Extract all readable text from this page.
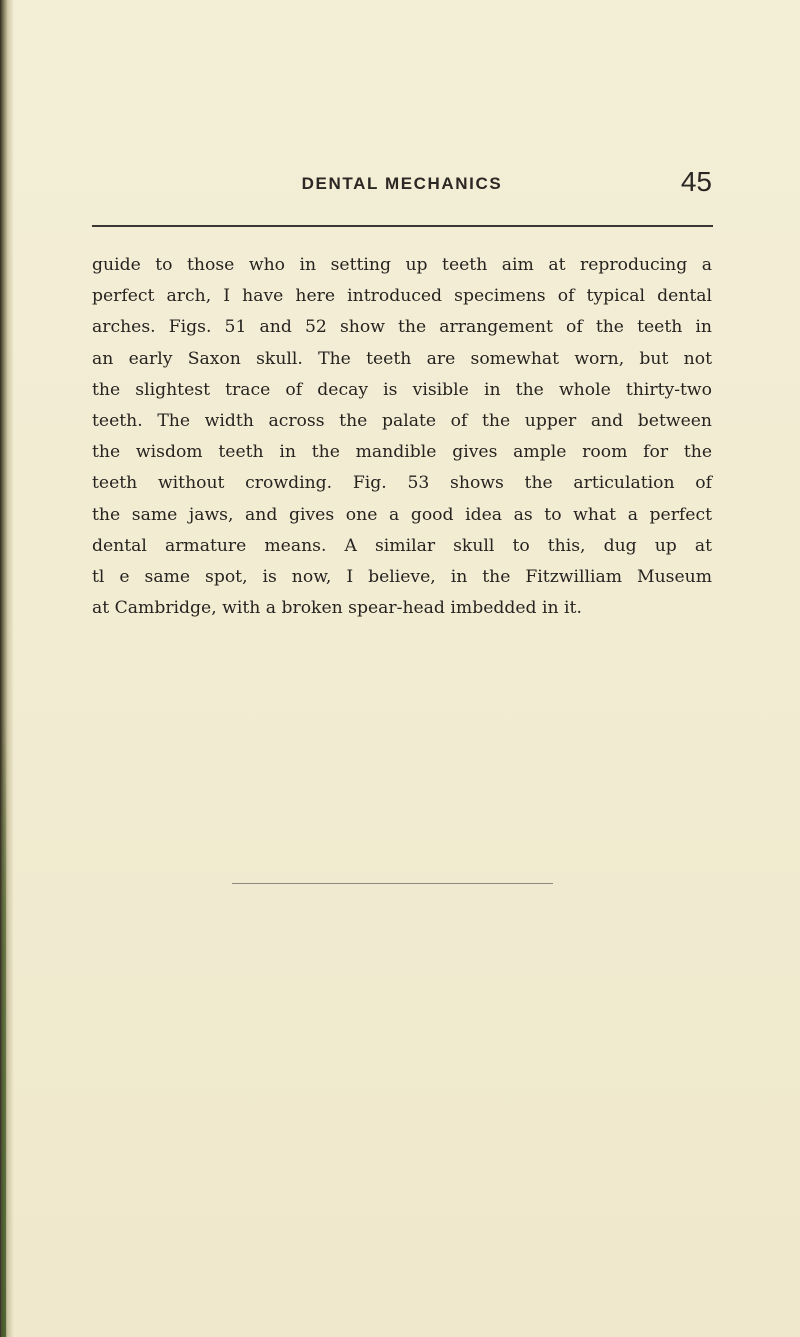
DENTAL MECHANICS	45

guide to those who in setting up teeth aim at reproducing a
perfect arch, I have here introduced specimens of typical dental
arches. Figs. 51 and 52 show the arrangement of the teeth in
an early Saxon skull. The teeth are somewhat worn, but not
the slightest trace of decay is visible in the whole thirty-two
teeth. The width across the palate of the upper and between
the wisdom teeth in the mandible gives ample room for the
teeth without crowding. Fig. 53 shows the articulation of
the same jaws, and gives one a good idea as to what a perfect
dental armature means. A similar skull to this, dug up at
tl e same spot, is now, I believe, in the Fitzwilliam Museum
at Cambridge, with a broken spear-head imbedded in it.
